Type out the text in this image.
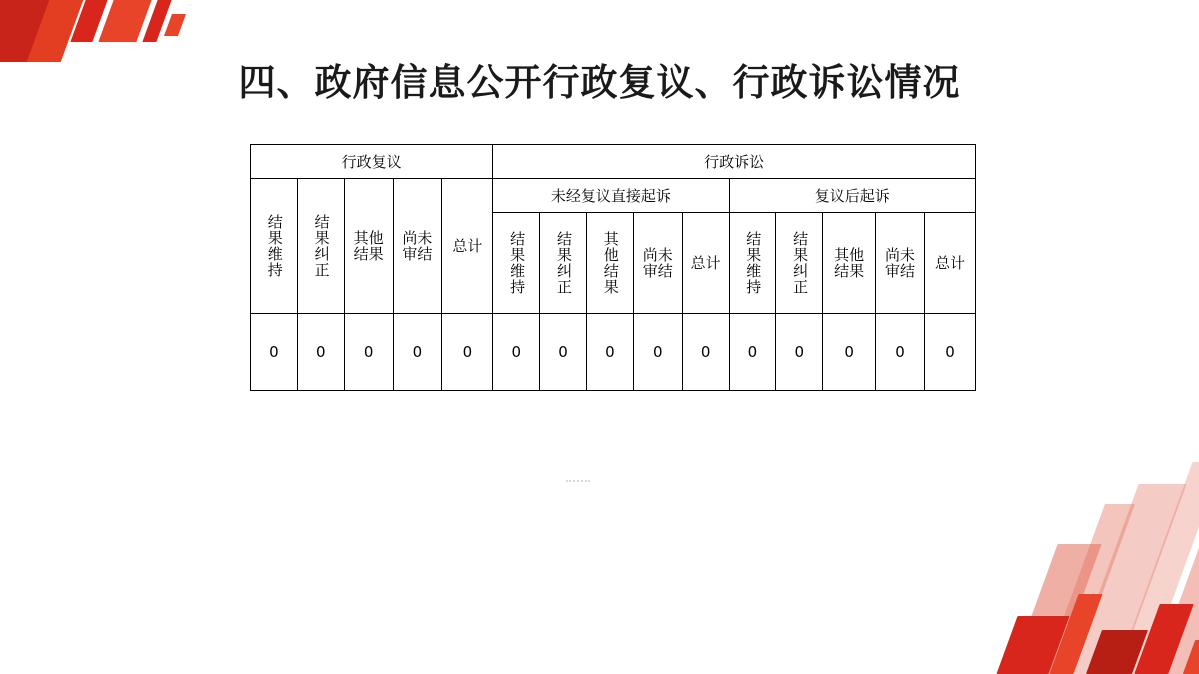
四、政府信息公开行政复议、行政诉讼情况
行政复议					行政诉讼									

结果维持	结果纠正	其他结果	尚未审结	总计	未经复议直接起诉					复议后起诉				

					结果维持	结果纠正	其他结果	尚未审结	总计	结果维持	结果纠正	其他结果	尚未审结	总计

0	0	0	0	0	0	0	0	0	0	0	0	0	0	0
